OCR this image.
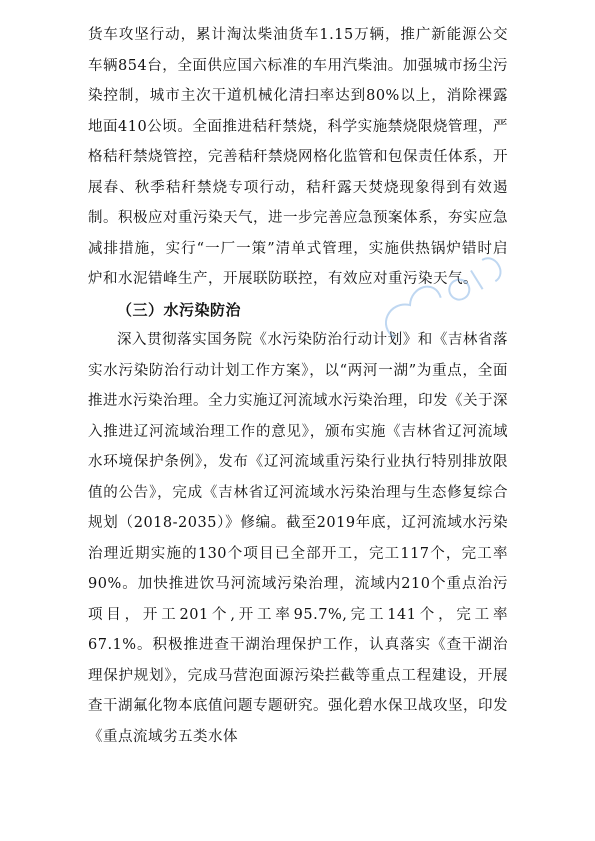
货车攻坚行动，累计淘汰柴油货车1.15万辆，推广新能源公交车辆854台，全面供应国六标准的车用汽柴油。加强城市扬尘污染控制，城市主次干道机械化清扫率达到80%以上，消除裸露地面410公顷。全面推进秸秆禁烧，科学实施禁烧限烧管理，严格秸秆禁烧管控，完善秸秆禁烧网格化监管和包保责任体系，开展春、秋季秸秆禁烧专项行动，秸秆露天焚烧现象得到有效遏制。积极应对重污染天气，进一步完善应急预案体系，夯实应急减排措施，实行“一厂一策”清单式管理，实施供热锅炉错时启炉和水泥错峰生产，开展联防联控，有效应对重污染天气。

（三）水污染防治

深入贯彻落实国务院《水污染防治行动计划》和《吉林省落实水污染防治行动计划工作方案》，以“两河一湖”为重点，全面推进水污染治理。全力实施辽河流域水污染治理，印发《关于深入推进辽河流域治理工作的意见》，颁布实施《吉林省辽河流域水环境保护条例》，发布《辽河流域重污染行业执行特别排放限值的公告》，完成《吉林省辽河流域水污染治理与生态修复综合规划（2018-2035）》修编。截至2019年底，辽河流域水污染治理近期实施的130个项目已全部开工，完工117个，完工率90%。加快推进饮马河流域污染治理，流域内210个重点治污项目，开工201个,开工率95.7%,完工141个，完工率67.1%。积极推进查干湖治理保护工作，认真落实《查干湖治理保护规划》，完成马营泡面源污染拦截等重点工程建设，开展查干湖氟化物本底值问题专题研究。强化碧水保卫战攻坚，印发《重点流域劣五类水体
